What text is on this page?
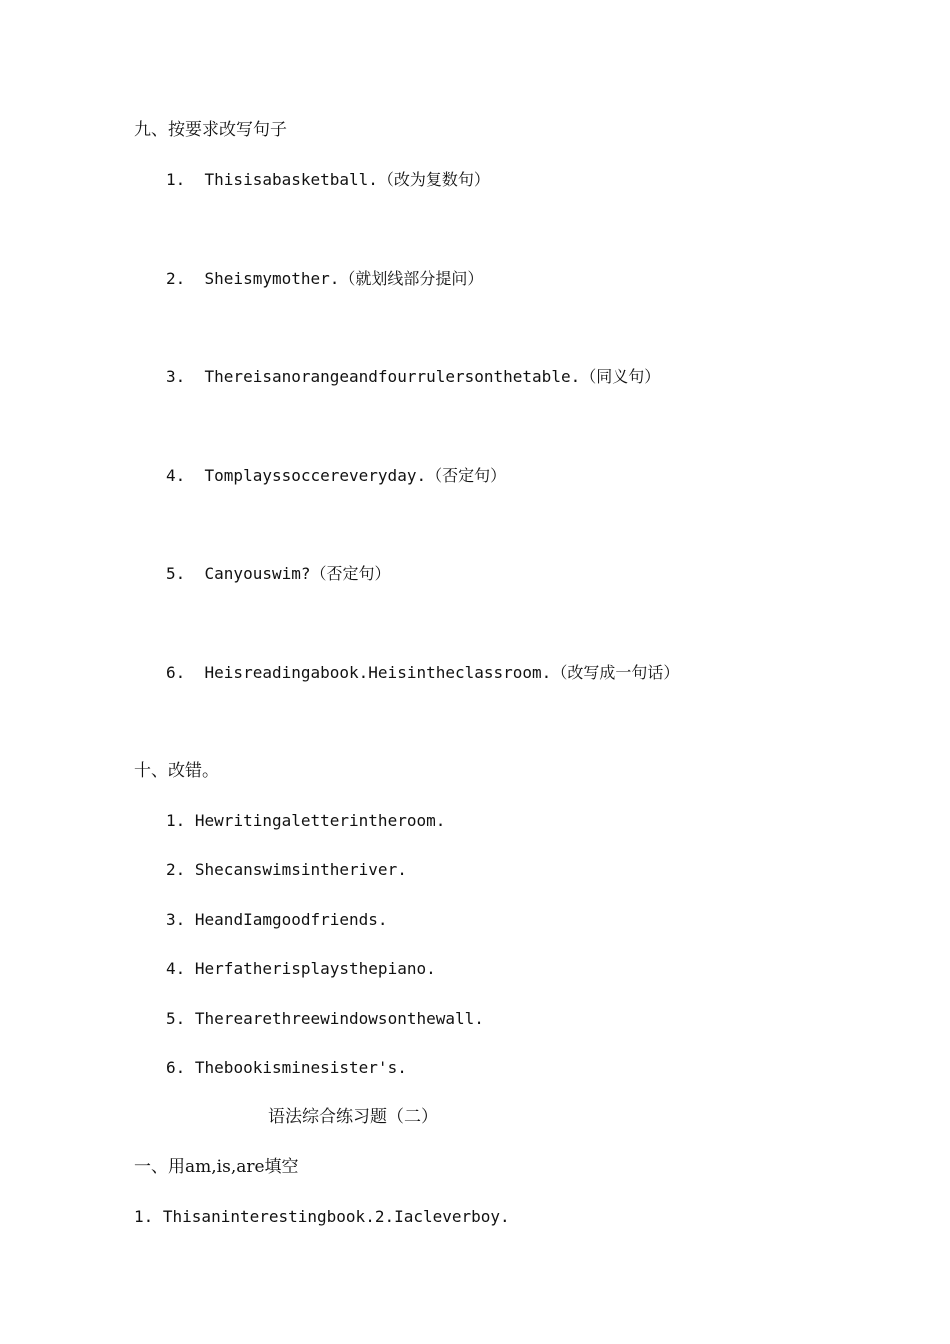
九、按要求改写句子

1. Thisisabasketball.（改为复数句）

2. Sheismymother.（就划线部分提问）

3. Thereisanorangeandfourrulersonthetable.（同义句）

4. Tomplayssoccereveryday.（否定句）

5. Canyouswim?（否定句）

6. Heisreadingabook.Heisintheclassroom.（改写成一句话）

十、改错。

1. Hewritingaletterintheroom.

2. Shecanswimsintheriver.

3. HeandIamgoodfriends.

4. Herfatherisplaysthepiano.

5. Therearethreewindowsonthewall.

6. Thebookisminesister's.

语法综合练习题（二）

一、用am,is,are填空

1. Thisaninterestingbook.2.Iacleverboy.
